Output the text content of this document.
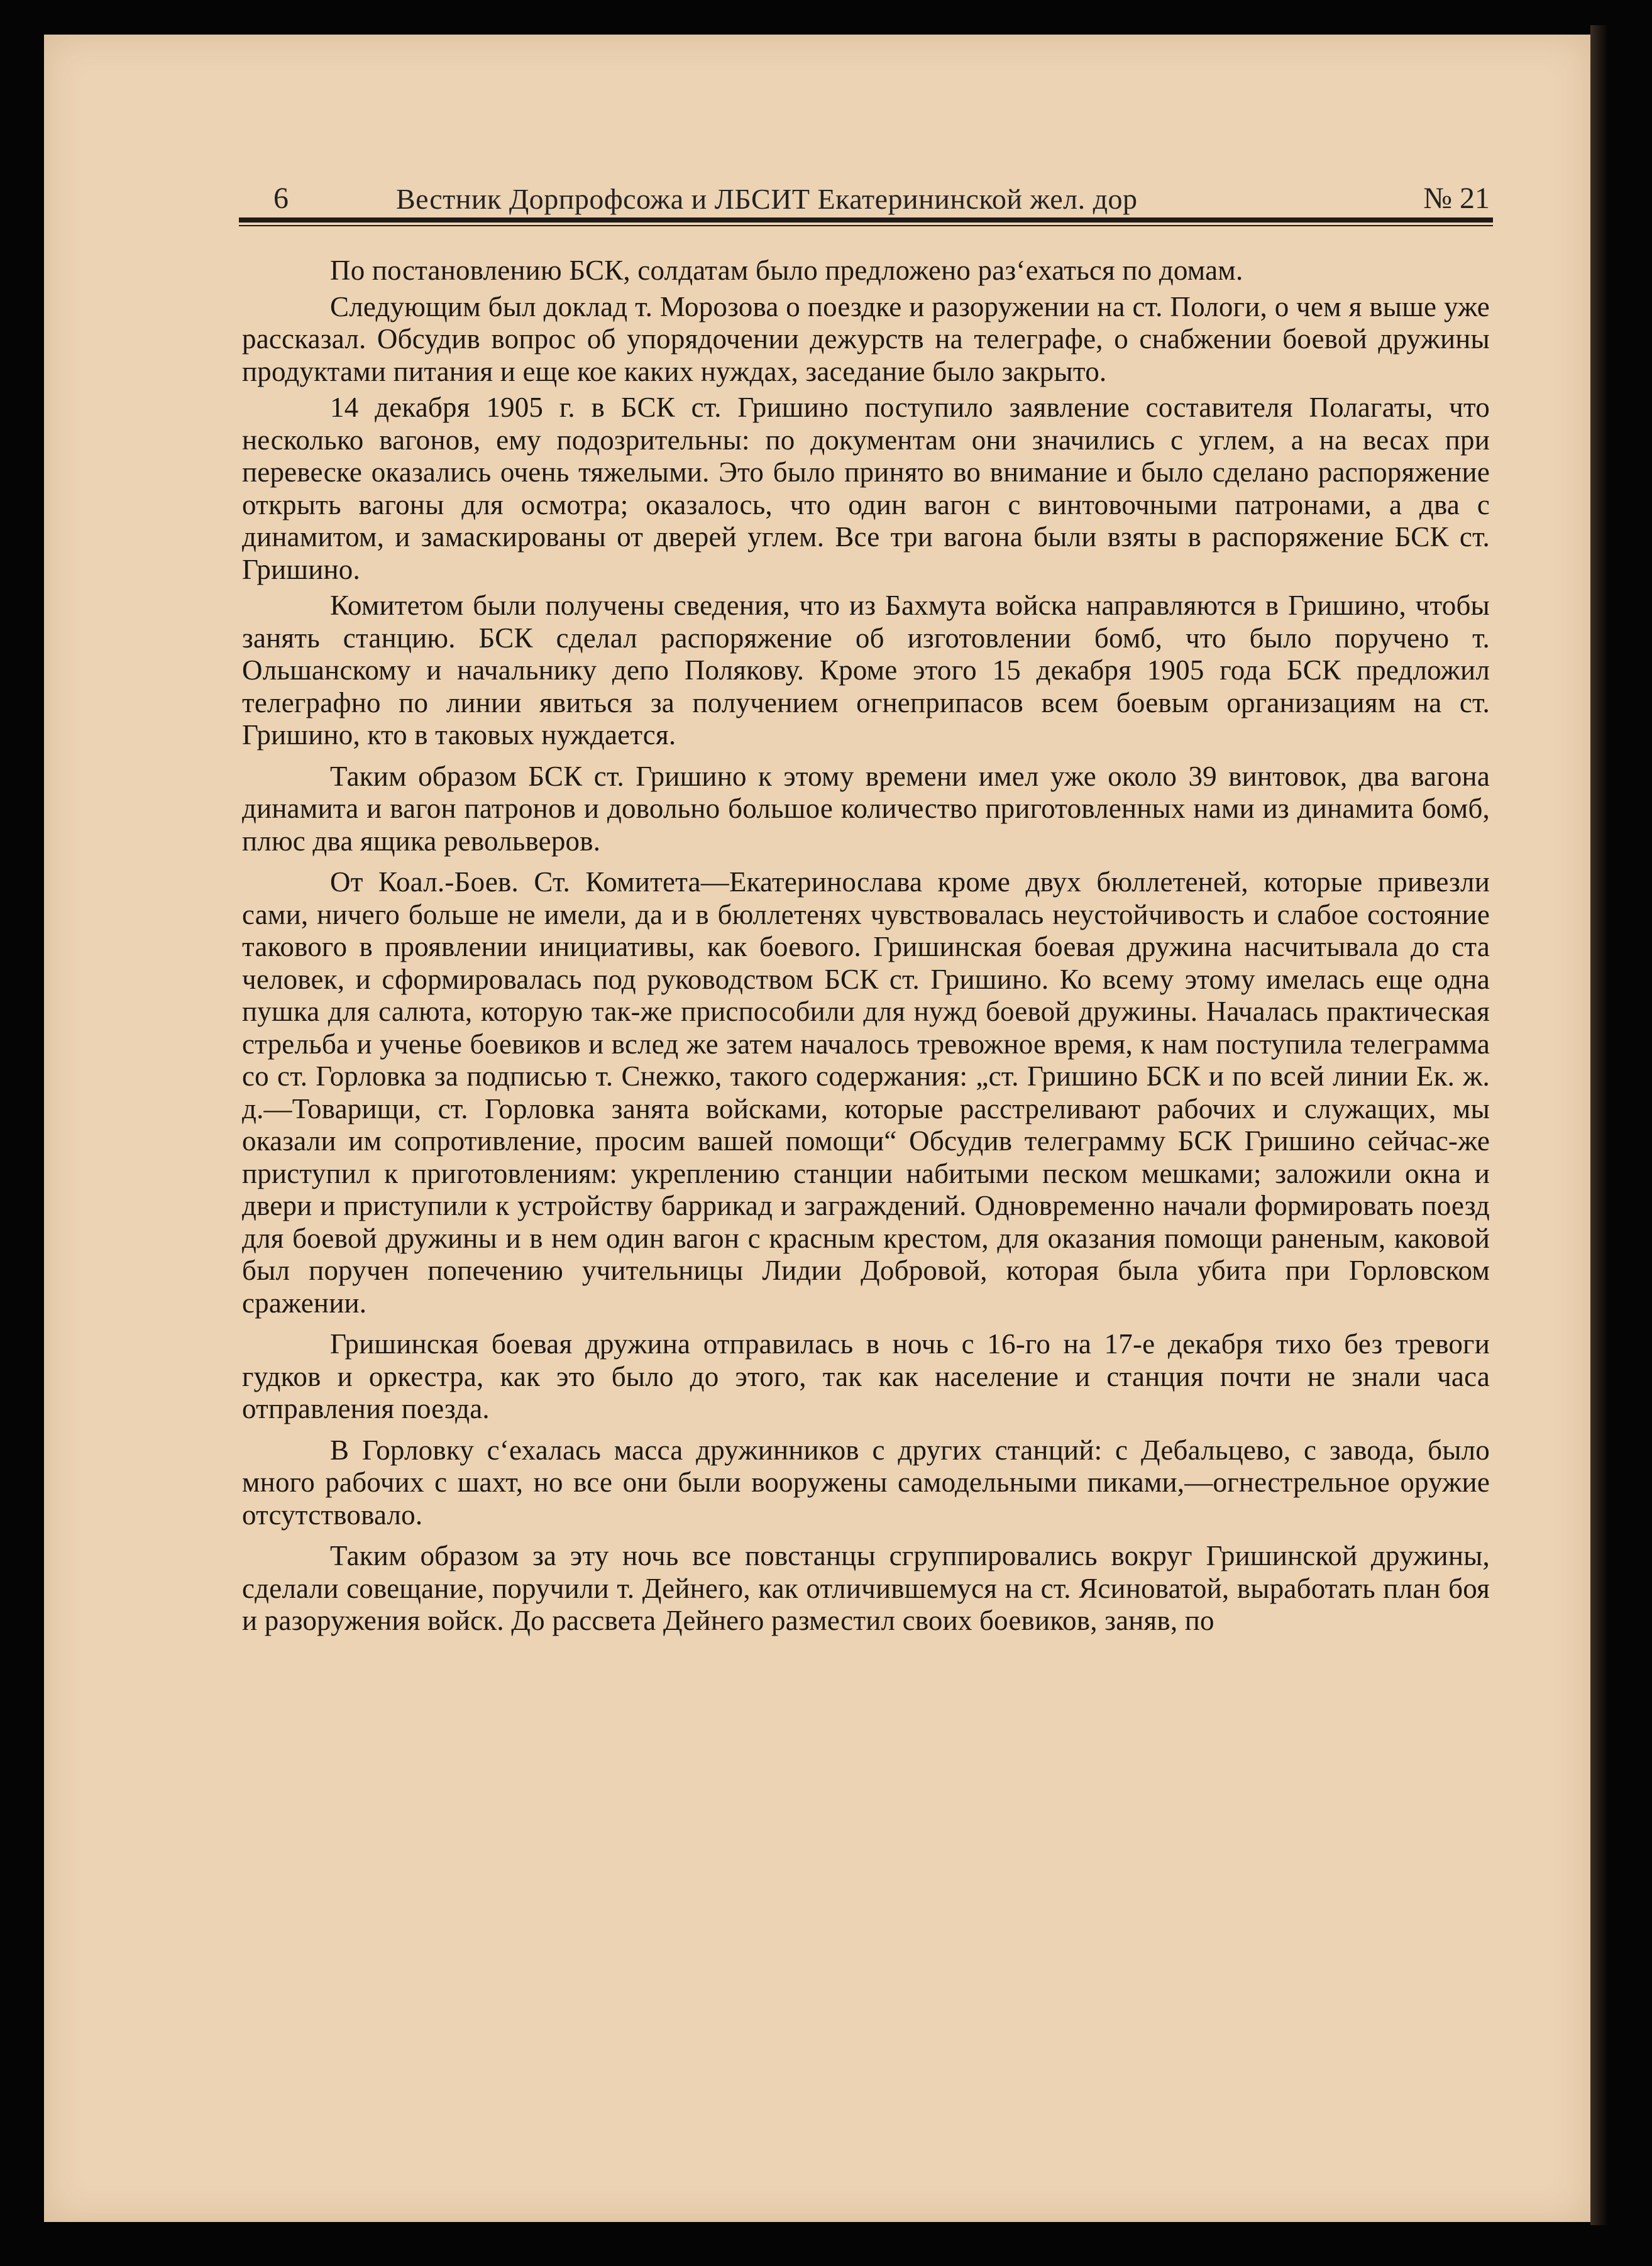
6	Вестник Дорпрофсожа и ЛБСИТ Екатерининской жел. дор	№ 21

По постановлению БСК, солдатам было предложено раз‘ехаться по домам.

Следующим был доклад т. Морозова о поездке и разоружении на ст. Пологи, о чем я выше уже рассказал. Обсудив вопрос об упорядочении дежурств на телеграфе, о снабжении боевой дружины продуктами питания и еще кое каких нуждах, заседание было закрыто.

14 декабря 1905 г. в БСК ст. Гришино поступило заявление составителя Полагаты, что несколько вагонов, ему подозрительны: по документам они значились с углем, а на весах при перевеске оказались очень тяжелыми. Это было принято во внимание и было сделано распоряжение открыть вагоны для осмотра; оказалось, что один вагон с винтовочными патронами, а два с динамитом, и замаскированы от дверей углем. Все три вагона были взяты в распоряжение БСК ст. Гришино.

Комитетом были получены сведения, что из Бахмута войска направляются в Гришино, чтобы занять станцию. БСК сделал распоряжение об изготовлении бомб, что было поручено т. Ольшанскому и начальнику депо Полякову. Кроме этого 15 декабря 1905 года БСК предложил телеграфно по линии явиться за получением огнеприпасов всем боевым организациям на ст. Гришино, кто в таковых нуждается.

Таким образом БСК ст. Гришино к этому времени имел уже около 39 винтовок, два вагона динамита и вагон патронов и довольно большое количество приготовленных нами из динамита бомб, плюс два ящика револьверов.

От Коал.-Боев. Ст. Комитета—Екатеринослава кроме двух бюллетеней, которые привезли сами, ничего больше не имели, да и в бюллетенях чувствовалась неустойчивость и слабое состояние такового в проявлении инициативы, как боевого. Гришинская боевая дружина насчитывала до ста человек, и сформировалась под руководством БСК ст. Гришино. Ко всему этому имелась еще одна пушка для салюта, которую так-же приспособили для нужд боевой дружины. Началась практическая стрельба и ученье боевиков и вслед же затем началось тревожное время, к нам поступила телеграмма со ст. Горловка за подписью т. Снежко, такого содержания: „ст. Гришино БСК и по всей линии Ек. ж. д.—Товарищи, ст. Горловка занята войсками, которые расстреливают рабочих и служащих, мы оказали им сопротивление, просим вашей помощи“ Обсудив телеграмму БСК Гришино сейчас-же приступил к приготовлениям: укреплению станции набитыми песком мешками; заложили окна и двери и приступили к устройству баррикад и заграждений. Одновременно начали формировать поезд для боевой дружины и в нем один вагон с красным крестом, для оказания помощи раненым, каковой был поручен попечению учительницы Лидии Добровой, которая была убита при Горловском сражении.

Гришинская боевая дружина отправилась в ночь с 16-го на 17-е декабря тихо без тревоги гудков и оркестра, как это было до этого, так как население и станция почти не знали часа отправления поезда.

В Горловку с‘ехалась масса дружинников с других станций: с Дебальцево, с завода, было много рабочих с шахт, но все они были вооружены самодельными пиками,—огнестрельное оружие отсутствовало.

Таким образом за эту ночь все повстанцы сгруппировались вокруг Гришинской дружины, сделали совещание, поручили т. Дейнего, как отличившемуся на ст. Ясиноватой, выработать план боя и разоружения войск. До рассвета Дейнего разместил своих боевиков, заняв, по
